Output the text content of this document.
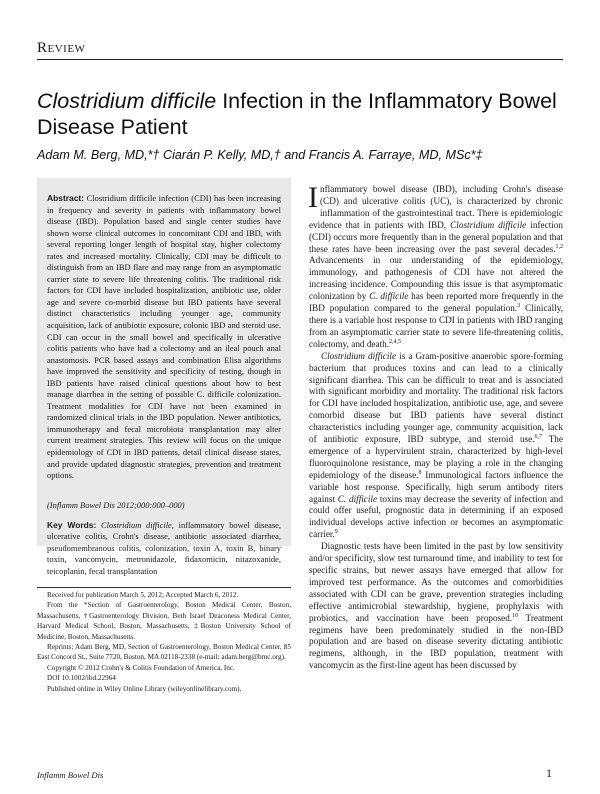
Review
Clostridium difficile Infection in the Inflammatory Bowel Disease Patient
Adam M. Berg, MD,*† Ciarán P. Kelly, MD,† and Francis A. Farraye, MD, MSc*‡
Abstract: Clostridium difficile infection (CDI) has been increasing in frequency and severity in patients with inflammatory bowel disease (IBD). Population based and single center studies have shown worse clinical outcomes in concomitant CDI and IBD, with several reporting longer length of hospital stay, higher colectomy rates and increased mortality. Clinically, CDI may be difficult to distinguish from an IBD flare and may range from an asymptomatic carrier state to severe life threatening colitis. The traditional risk factors for CDI have included hospitalization, antibiotic use, older age and severe co-morbid disease but IBD patients have several distinct characteristics including younger age, community acquisition, lack of antibiotic exposure, colonic IBD and steroid use. CDI can occur in the small bowel and specifically in ulcerative colitis patients who have had a colectomy and an ileal pouch anal anastomosis. PCR based assays and combination Elisa algorithms have improved the sensitivity and specificity of testing, though in IBD patients have raised clinical questions about how to best manage diarrhea in the setting of possible C. difficile colonization. Treatment modalities for CDI have not been examined in randomized clinical trials in the IBD population. Newer antibiotics, immunotherapy and fecal microbiota transplantation may alter current treatment strategies. This review will focus on the unique epidemiology of CDI in IBD patients, detail clinical disease states, and provide updated diagnostic strategies, prevention and treatment options.
(Inflamm Bowel Dis 2012;000:000–000)
Key Words: Clostridium difficile, inflammatory bowel disease, ulcerative colitis, Crohn's disease, antibiotic associated diarrhea, pseudomembranous colitis, colonization, toxin A, toxin B, binary toxin, vancomycin, metronidazole, fidaxomicin, nitazoxanide, teicoplanin, fecal transplantation

Received for publication March 5, 2012; Accepted March 6, 2012.

From the *Section of Gastroenterology, Boston Medical Center, Boston, Massachusetts, †Gastroenterology Division, Beth Israel Deaconess Medical Center, Harvard Medical School, Boston, Massachusetts, ‡Boston University School of Medicine, Boston, Massachusetts.

Reprints: Adam Berg, MD, Section of Gastroenterology, Boston Medical Center, 85 East Concord St., Suite 7720, Boston, MA 02118-2338 (e-mail: adam.berg@bmc.org).

Copyright © 2012 Crohn's & Colitis Foundation of America, Inc.

DOI 10.1002/ibd.22964

Published online in Wiley Online Library (wileyonlinelibrary.com).

Inflammatory bowel disease (IBD), including Crohn's disease (CD) and ulcerative colitis (UC), is characterized by chronic inflammation of the gastrointestinal tract. There is epidemiologic evidence that in patients with IBD, Clostridium difficile infection (CDI) occurs more frequently than in the general population and that these rates have been increasing over the past several decades.$^{1,2}$ Advancements in our understanding of the epidemiology, immunology, and pathogenesis of CDI have not altered the increasing incidence. Compounding this issue is that asymptomatic colonization by C. difficile has been reported more frequently in the IBD population compared to the general population.$^3$ Clinically, there is a variable host response to CDI in patients with IBD ranging from an asymptomatic carrier state to severe life-threatening colitis, colectomy, and death.$^{2,4,5}$

Clostridium difficile is a Gram-positive anaerobic spore-forming bacterium that produces toxins and can lead to a clinically significant diarrhea. This can be difficult to treat and is associated with significant morbidity and mortality. The traditional risk factors for CDI have included hospitalization, antibiotic use, age, and severe comorbid disease but IBD patients have several distinct characteristics including younger age, community acquisition, lack of antibiotic exposure, IBD subtype, and steroid use.$^{6,7}$ The emergence of a hypervirulent strain, characterized by high-level fluoroquinolone resistance, may be playing a role in the changing epidemiology of the disease.$^8$ Immunological factors influence the variable host response. Specifically, high serum antibody titers against C. difficile toxins may decrease the severity of infection and could offer useful, prognostic data in determining if an exposed individual develops active infection or becomes an asymptomatic carrier.$^9$

Diagnostic tests have been limited in the past by low sensitivity and/or specificity, slow test turnaround time, and inability to test for specific strains, but newer assays have emerged that allow for improved test performance. As the outcomes and comorbidities associated with CDI can be grave, prevention strategies including effective antimicrobial stewardship, hygiene, prophylaxis with probiotics, and vaccination have been proposed.$^{10}$ Treatment regimens have been predominately studied in the non-IBD population and are based on disease severity dictating antibiotic regimens, although, in the IBD population, treatment with vancomycin as the first-line agent has been discussed by

Inflamm Bowel Dis	1
